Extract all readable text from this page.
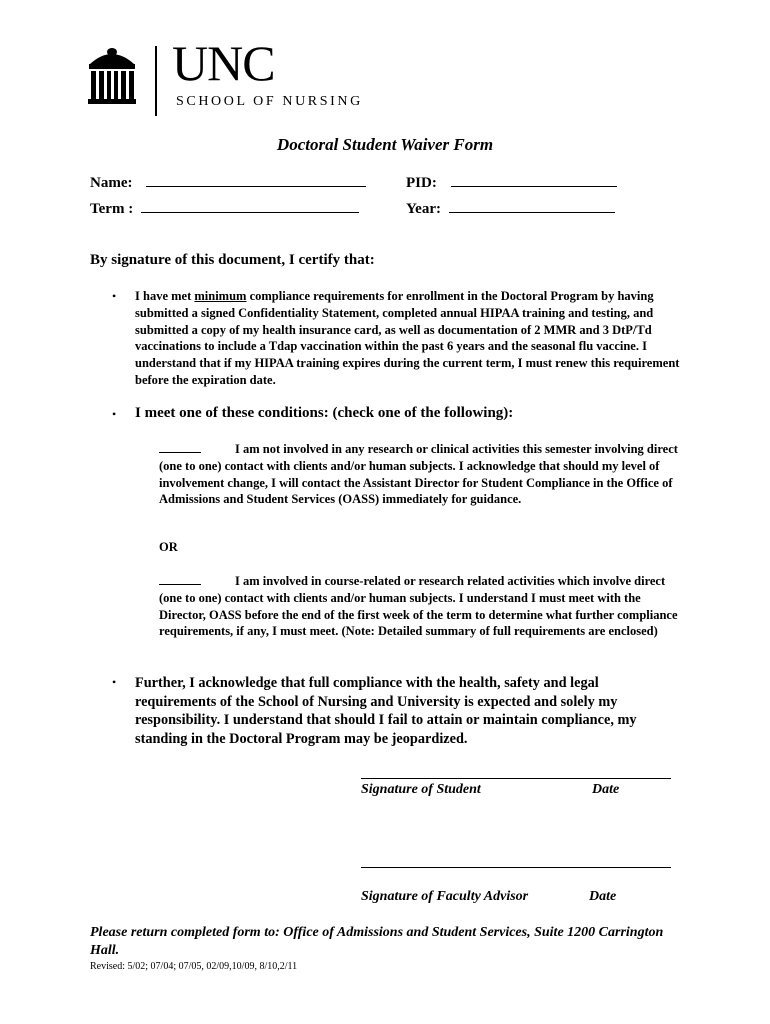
UNC
SCHOOL OF NURSING
Doctoral Student Waiver Form
Name:	PID:
Term :	Year:
By signature of this document, I certify that:
• I have met minimum compliance requirements for enrollment in the Doctoral Program by having submitted a signed Confidentiality Statement, completed annual HIPAA training and testing, and submitted a copy of my health insurance card, as well as documentation of 2 MMR and 3 DtP/Td vaccinations to include a Tdap vaccination within the past 6 years and the seasonal flu vaccine. I understand that if my HIPAA training expires during the current term, I must renew this requirement before the expiration date.
• I meet one of these conditions: (check one of the following):
I am not involved in any research or clinical activities this semester involving direct (one to one) contact with clients and/or human subjects. I acknowledge that should my level of involvement change, I will contact the Assistant Director for Student Compliance in the Office of Admissions and Student Services (OASS) immediately for guidance.
OR
I am involved in course-related or research related activities which involve direct (one to one) contact with clients and/or human subjects. I understand I must meet with the Director, OASS before the end of the first week of the term to determine what further compliance requirements, if any, I must meet. (Note: Detailed summary of full requirements are enclosed)
• Further, I acknowledge that full compliance with the health, safety and legal requirements of the School of Nursing and University is expected and solely my responsibility. I understand that should I fail to attain or maintain compliance, my standing in the Doctoral Program may be jeopardized.
Signature of Student	Date
Signature of Faculty Advisor	Date
Please return completed form to: Office of Admissions and Student Services, Suite 1200 Carrington Hall.
Revised: 5/02; 07/04; 07/05, 02/09,10/09, 8/10,2/11
